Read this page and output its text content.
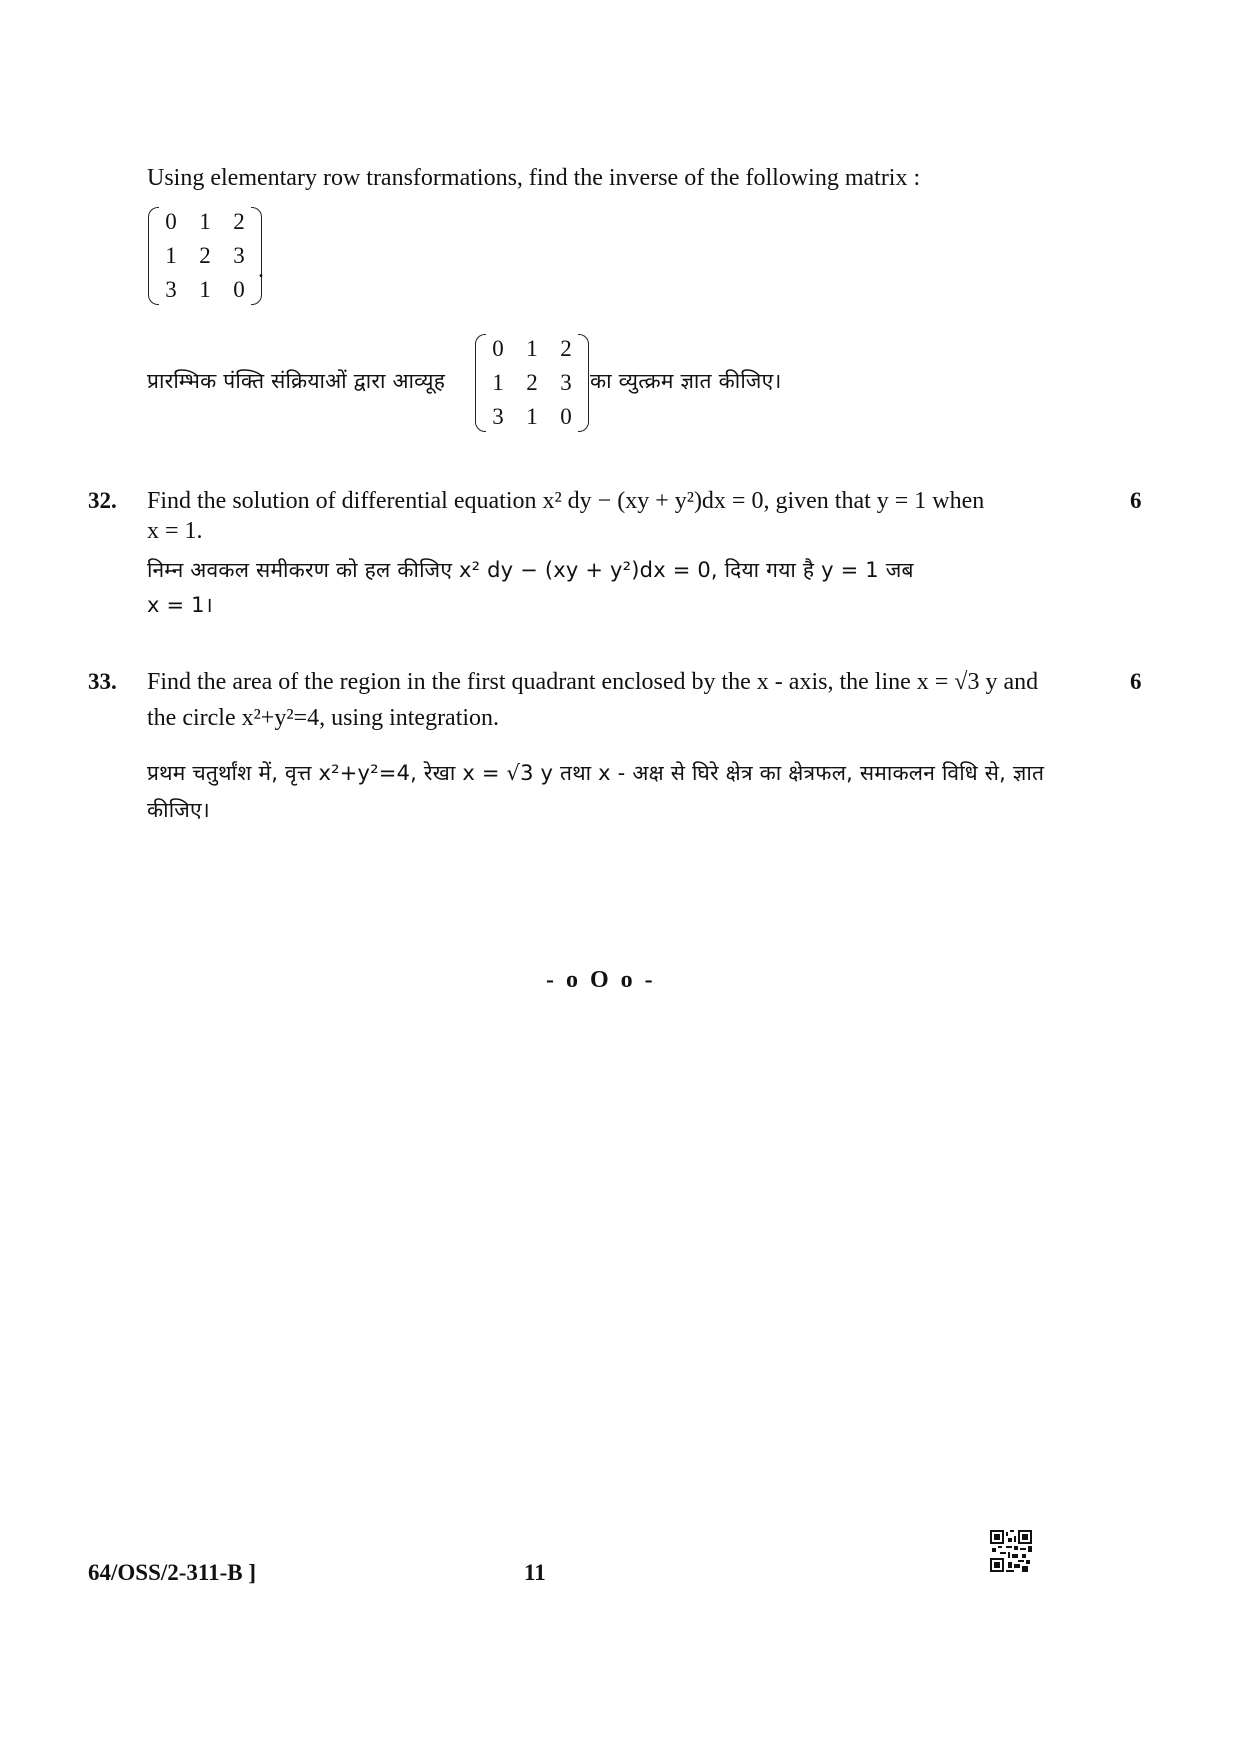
Using elementary row transformations, find the inverse of the following matrix :
0 1 2
1 2 3
3 1 0
.
प्रारम्भिक पंक्ति संक्रियाओं द्वारा आव्यूह
0 1 2
1 2 3
3 1 0
का व्युत्क्रम ज्ञात कीजिए।
32.	6
Find the solution of differential equation x² dy − (xy + y²)dx = 0, given that y = 1 when
x = 1.
निम्न अवकल समीकरण को हल कीजिए x² dy − (xy + y²)dx = 0, दिया गया है y = 1 जब
x = 1।
33.	6
Find the area of the region in the first quadrant enclosed by the x - axis, the line x = √3 y and
the circle x²+y²=4, using integration.
प्रथम चतुर्थांश में, वृत्त x²+y²=4, रेखा x = √3 y तथा x - अक्ष से घिरे क्षेत्र का क्षेत्रफल, समाकलन विधि से, ज्ञात
कीजिए।
- o O o -
64/OSS/2-311-B ]	11
